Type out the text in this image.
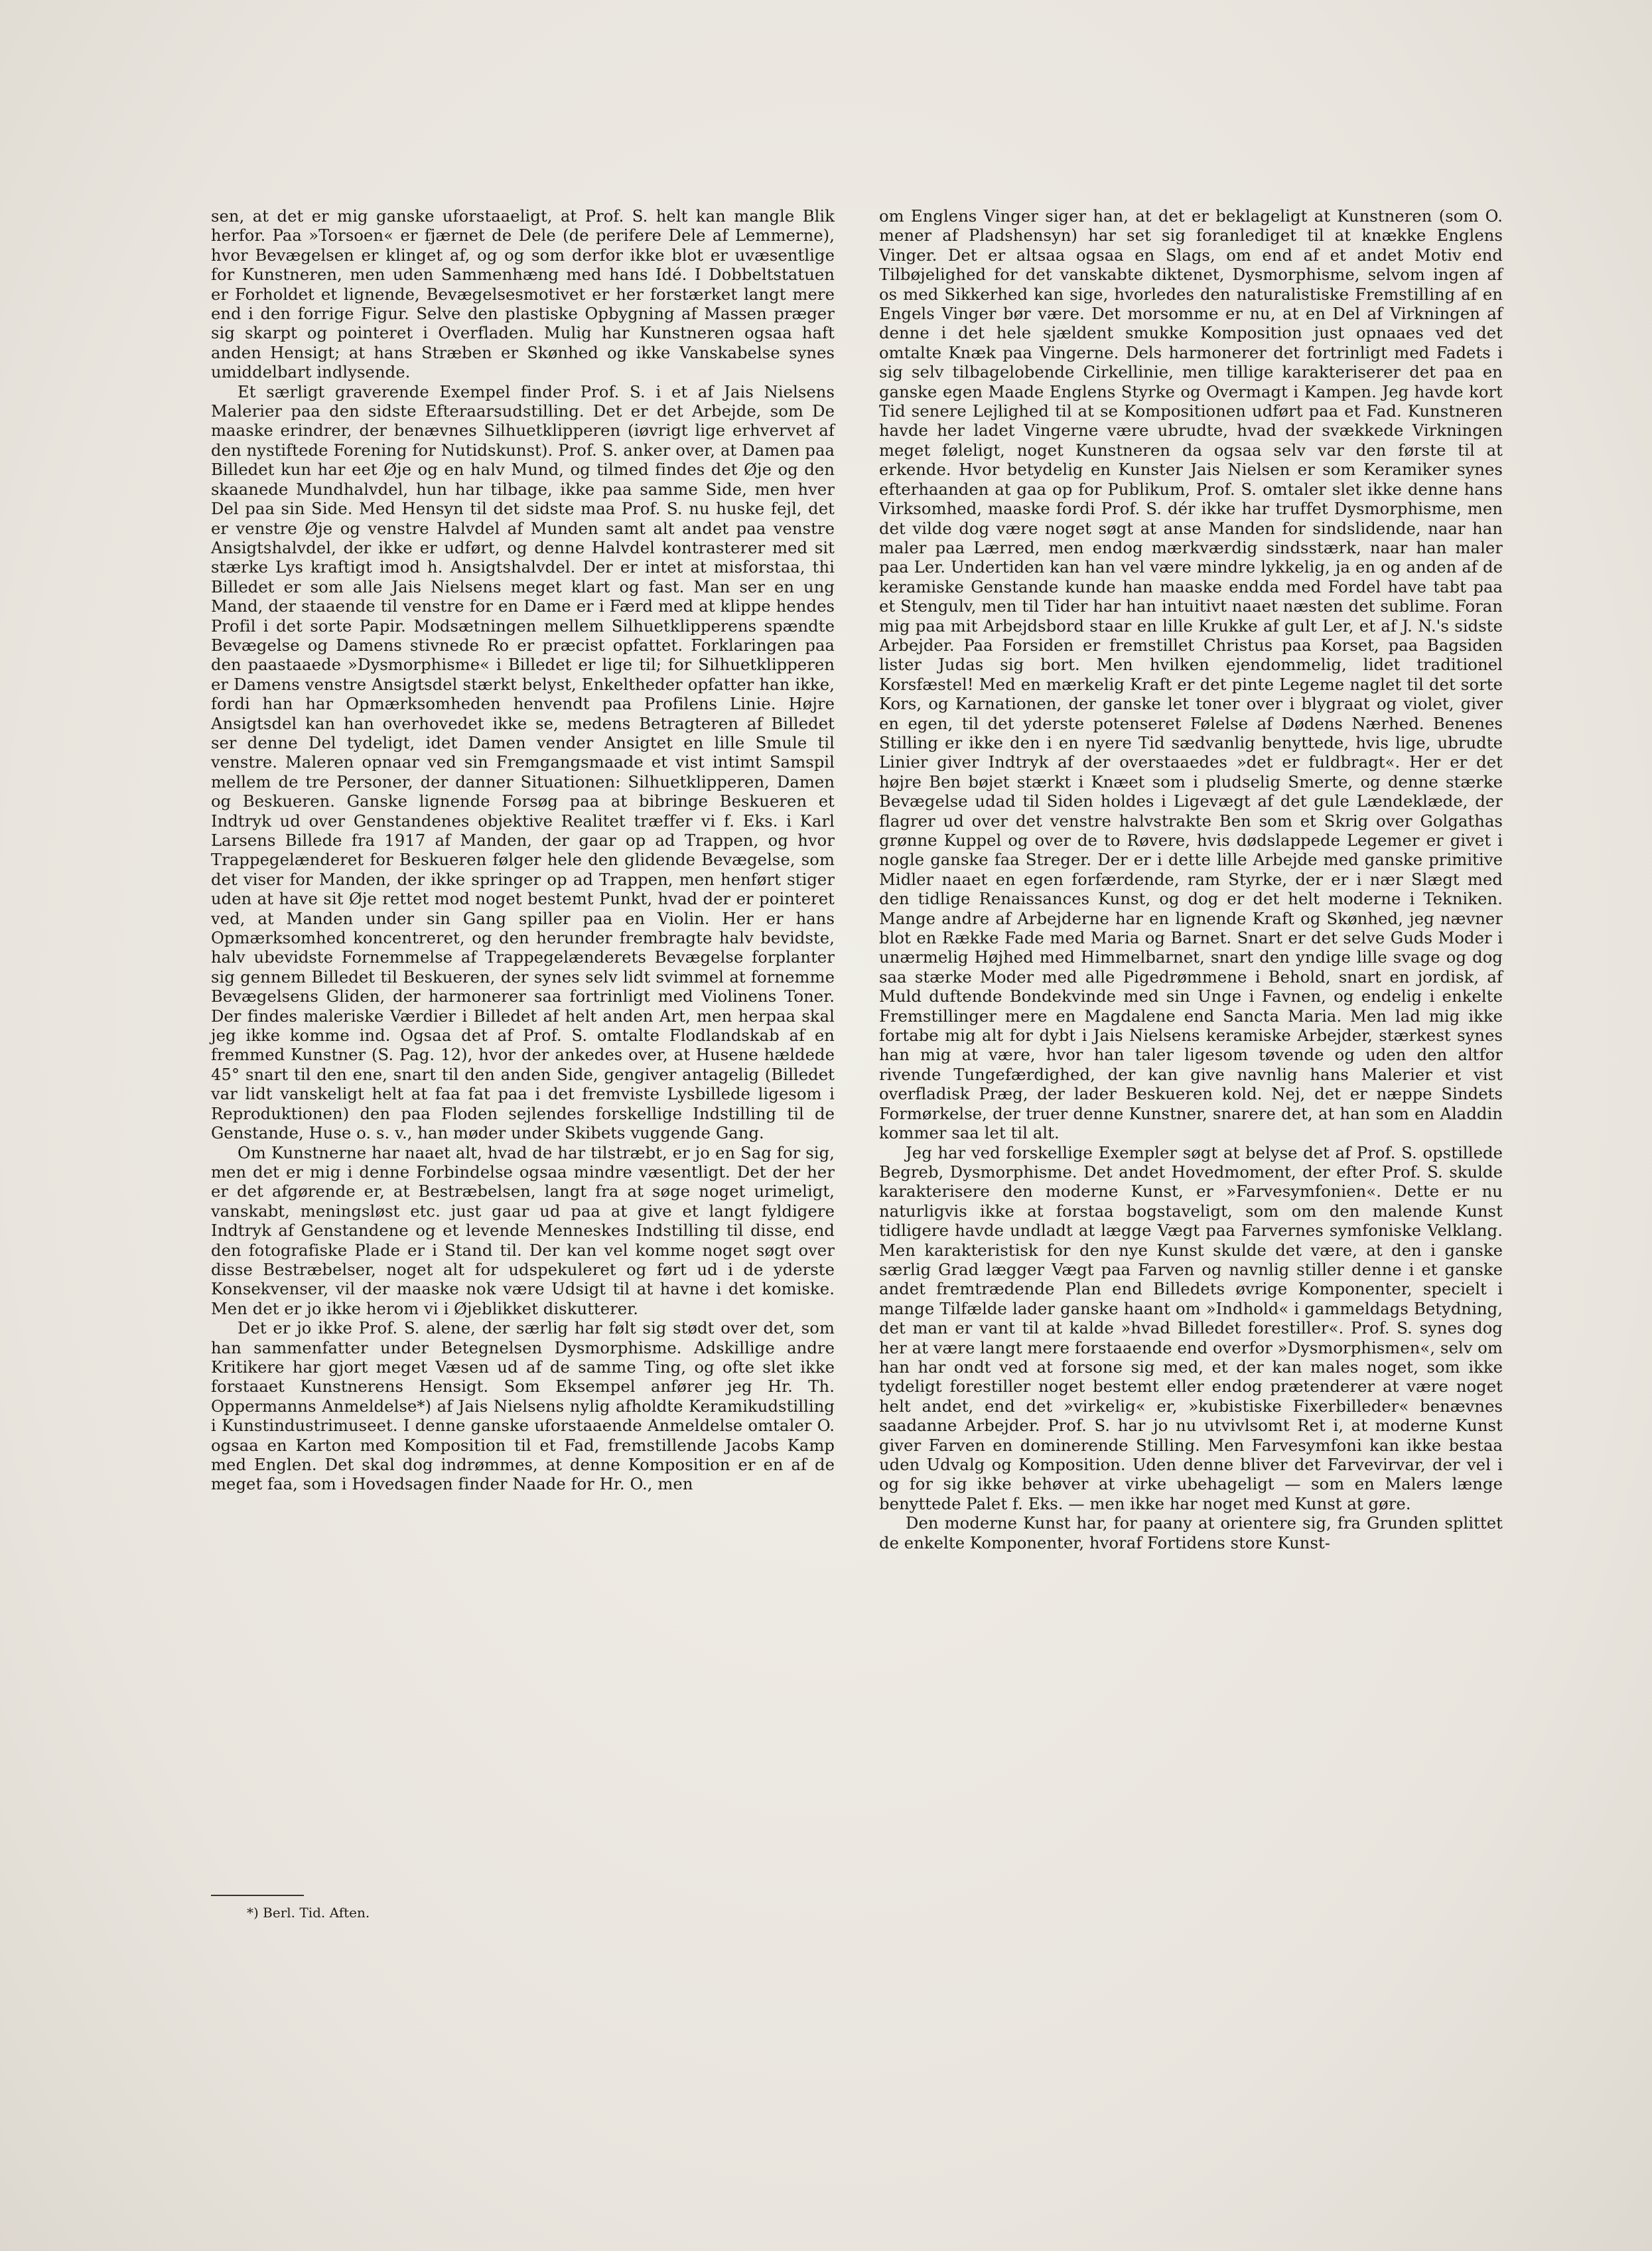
sen, at det er mig ganske uforstaaeligt, at Prof. S. helt kan mangle Blik herfor. Paa »Torsoen« er fjærnet de Dele (de perifere Dele af Lemmerne), hvor Bevægelsen er klinget af, og og som derfor ikke blot er uvæsentlige for Kunstneren, men uden Sammenhæng med hans Idé. I Dobbeltstatuen er Forholdet et lignende, Bevægelsesmotivet er her forstærket langt mere end i den forrige Figur. Selve den plastiske Opbygning af Massen præger sig skarpt og pointeret i Overfladen. Mulig har Kunstneren ogsaa haft anden Hensigt; at hans Stræben er Skønhed og ikke Vanskabelse synes umiddelbart indlysende.

Et særligt graverende Exempel finder Prof. S. i et af Jais Nielsens Malerier paa den sidste Efteraarsudstilling. Det er det Arbejde, som De maaske erindrer, der benævnes Silhuetklipperen (iøvrigt lige erhvervet af den nystiftede Forening for Nutidskunst). Prof. S. anker over, at Damen paa Billedet kun har eet Øje og en halv Mund, og tilmed findes det Øje og den skaanede Mundhalvdel, hun har tilbage, ikke paa samme Side, men hver Del paa sin Side. Med Hensyn til det sidste maa Prof. S. nu huske fejl, det er venstre Øje og venstre Halvdel af Munden samt alt andet paa venstre Ansigtshalvdel, der ikke er udført, og denne Halvdel kontrasterer med sit stærke Lys kraftigt imod h. Ansigtshalvdel. Der er intet at misforstaa, thi Billedet er som alle Jais Nielsens meget klart og fast. Man ser en ung Mand, der staaende til venstre for en Dame er i Færd med at klippe hendes Profil i det sorte Papir. Modsætningen mellem Silhuetklipperens spændte Bevægelse og Damens stivnede Ro er præcist opfattet. Forklaringen paa den paastaaede »Dysmorphisme« i Billedet er lige til; for Silhuetklipperen er Damens venstre Ansigtsdel stærkt belyst, Enkeltheder opfatter han ikke, fordi han har Opmærksomheden henvendt paa Profilens Linie. Højre Ansigtsdel kan han overhovedet ikke se, medens Betragteren af Billedet ser denne Del tydeligt, idet Damen vender Ansigtet en lille Smule til venstre. Maleren opnaar ved sin Fremgangsmaade et vist intimt Samspil mellem de tre Personer, der danner Situationen: Silhuetklipperen, Damen og Beskueren. Ganske lignende Forsøg paa at bibringe Beskueren et Indtryk ud over Genstandenes objektive Realitet træffer vi f. Eks. i Karl Larsens Billede fra 1917 af Manden, der gaar op ad Trappen, og hvor Trappegelænderet for Beskueren følger hele den glidende Bevægelse, som det viser for Manden, der ikke springer op ad Trappen, men henført stiger uden at have sit Øje rettet mod noget bestemt Punkt, hvad der er pointeret ved, at Manden under sin Gang spiller paa en Violin. Her er hans Opmærksomhed koncentreret, og den herunder frembragte halv bevidste, halv ubevidste Fornemmelse af Trappegelænderets Bevægelse forplanter sig gennem Billedet til Beskueren, der synes selv lidt svimmel at fornemme Bevægelsens Gliden, der harmonerer saa fortrinligt med Violinens Toner. Der findes maleriske Værdier i Billedet af helt anden Art, men herpaa skal jeg ikke komme ind. Ogsaa det af Prof. S. omtalte Flodlandskab af en fremmed Kunstner (S. Pag. 12), hvor der ankedes over, at Husene hældede 45° snart til den ene, snart til den anden Side, gengiver antagelig (Billedet var lidt vanskeligt helt at faa fat paa i det fremviste Lysbillede ligesom i Reproduktionen) den paa Floden sejlendes forskellige Indstilling til de Genstande, Huse o. s. v., han møder under Skibets vuggende Gang.

Om Kunstnerne har naaet alt, hvad de har tilstræbt, er jo en Sag for sig, men det er mig i denne Forbindelse ogsaa mindre væsentligt. Det der her er det afgørende er, at Bestræbelsen, langt fra at søge noget urimeligt, vanskabt, meningsløst etc. just gaar ud paa at give et langt fyldigere Indtryk af Genstandene og et levende Menneskes Indstilling til disse, end den fotografiske Plade er i Stand til. Der kan vel komme noget søgt over disse Bestræbelser, noget alt for udspekuleret og ført ud i de yderste Konsekvenser, vil der maaske nok være Udsigt til at havne i det komiske. Men det er jo ikke herom vi i Øjeblikket diskutterer.

Det er jo ikke Prof. S. alene, der særlig har følt sig stødt over det, som han sammenfatter under Betegnelsen Dysmorphisme. Adskillige andre Kritikere har gjort meget Væsen ud af de samme Ting, og ofte slet ikke forstaaet Kunstnerens Hensigt. Som Eksempel anfører jeg Hr. Th. Oppermanns Anmeldelse*) af Jais Nielsens nylig afholdte Keramikudstilling i Kunstindustrimuseet. I denne ganske uforstaaende Anmeldelse omtaler O. ogsaa en Karton med Komposition til et Fad, fremstillende Jacobs Kamp med Englen. Det skal dog indrømmes, at denne Komposition er en af de meget faa, som i Hovedsagen finder Naade for Hr. O., men

om Englens Vinger siger han, at det er beklageligt at Kunstneren (som O. mener af Pladshensyn) har set sig foranlediget til at knække Englens Vinger. Det er altsaa ogsaa en Slags, om end af et andet Motiv end Tilbøjelighed for det vanskabte diktenet, Dysmorphisme, selvom ingen af os med Sikkerhed kan sige, hvorledes den naturalistiske Fremstilling af en Engels Vinger bør være. Det morsomme er nu, at en Del af Virkningen af denne i det hele sjældent smukke Komposition just opnaaes ved det omtalte Knæk paa Vingerne. Dels harmonerer det fortrinligt med Fadets i sig selv tilbagelobende Cirkellinie, men tillige karakteriserer det paa en ganske egen Maade Englens Styrke og Overmagt i Kampen. Jeg havde kort Tid senere Lejlighed til at se Kompositionen udført paa et Fad. Kunstneren havde her ladet Vingerne være ubrudte, hvad der svækkede Virkningen meget føleligt, noget Kunstneren da ogsaa selv var den første til at erkende. Hvor betydelig en Kunster Jais Nielsen er som Keramiker synes efterhaanden at gaa op for Publikum, Prof. S. omtaler slet ikke denne hans Virksomhed, maaske fordi Prof. S. dér ikke har truffet Dysmorphisme, men det vilde dog være noget søgt at anse Manden for sindslidende, naar han maler paa Lærred, men endog mærkværdig sindsstærk, naar han maler paa Ler. Undertiden kan han vel være mindre lykkelig, ja en og anden af de keramiske Genstande kunde han maaske endda med Fordel have tabt paa et Stengulv, men til Tider har han intuitivt naaet næsten det sublime. Foran mig paa mit Arbejdsbord staar en lille Krukke af gult Ler, et af J. N.'s sidste Arbejder. Paa Forsiden er fremstillet Christus paa Korset, paa Bagsiden lister Judas sig bort. Men hvilken ejendommelig, lidet traditionel Korsfæstel! Med en mærkelig Kraft er det pinte Legeme naglet til det sorte Kors, og Karnationen, der ganske let toner over i blygraat og violet, giver en egen, til det yderste potenseret Følelse af Dødens Nærhed. Benenes Stilling er ikke den i en nyere Tid sædvanlig benyttede, hvis lige, ubrudte Linier giver Indtryk af der overstaaedes »det er fuldbragt«. Her er det højre Ben bøjet stærkt i Knæet som i pludselig Smerte, og denne stærke Bevægelse udad til Siden holdes i Ligevægt af det gule Lændeklæde, der flagrer ud over det venstre halvstrakte Ben som et Skrig over Golgathas grønne Kuppel og over de to Røvere, hvis dødslappede Legemer er givet i nogle ganske faa Streger. Der er i dette lille Arbejde med ganske primitive Midler naaet en egen forfærdende, ram Styrke, der er i nær Slægt med den tidlige Renaissances Kunst, og dog er det helt moderne i Tekniken. Mange andre af Arbejderne har en lignende Kraft og Skønhed, jeg nævner blot en Række Fade med Maria og Barnet. Snart er det selve Guds Moder i unærmelig Højhed med Himmelbarnet, snart den yndige lille svage og dog saa stærke Moder med alle Pigedrømmene i Behold, snart en jordisk, af Muld duftende Bondekvinde med sin Unge i Favnen, og endelig i enkelte Fremstillinger mere en Magdalene end Sancta Maria. Men lad mig ikke fortabe mig alt for dybt i Jais Nielsens keramiske Arbejder, stærkest synes han mig at være, hvor han taler ligesom tøvende og uden den altfor rivende Tungefærdighed, der kan give navnlig hans Malerier et vist overfladisk Præg, der lader Beskueren kold. Nej, det er næppe Sindets Formørkelse, der truer denne Kunstner, snarere det, at han som en Aladdin kommer saa let til alt.

Jeg har ved forskellige Exempler søgt at belyse det af Prof. S. opstillede Begreb, Dysmorphisme. Det andet Hovedmoment, der efter Prof. S. skulde karakterisere den moderne Kunst, er »Farvesymfonien«. Dette er nu naturligvis ikke at forstaa bogstaveligt, som om den malende Kunst tidligere havde undladt at lægge Vægt paa Farvernes symfoniske Velklang. Men karakteristisk for den nye Kunst skulde det være, at den i ganske særlig Grad lægger Vægt paa Farven og navnlig stiller denne i et ganske andet fremtrædende Plan end Billedets øvrige Komponenter, specielt i mange Tilfælde lader ganske haant om »Indhold« i gammeldags Betydning, det man er vant til at kalde »hvad Billedet forestiller«. Prof. S. synes dog her at være langt mere forstaaende end overfor »Dysmorphismen«, selv om han har ondt ved at forsone sig med, et der kan males noget, som ikke tydeligt forestiller noget bestemt eller endog prætenderer at være noget helt andet, end det »virkelig« er, »kubistiske Fixerbilleder« benævnes saadanne Arbejder. Prof. S. har jo nu utvivlsomt Ret i, at moderne Kunst giver Farven en dominerende Stilling. Men Farvesymfoni kan ikke bestaa uden Udvalg og Komposition. Uden denne bliver det Farvevirvar, der vel i og for sig ikke behøver at virke ubehageligt — som en Malers længe benyttede Palet f. Eks. — men ikke har noget med Kunst at gøre.

Den moderne Kunst har, for paany at orientere sig, fra Grunden splittet de enkelte Komponenter, hvoraf Fortidens store Kunst-

*) Berl. Tid. Aften.
